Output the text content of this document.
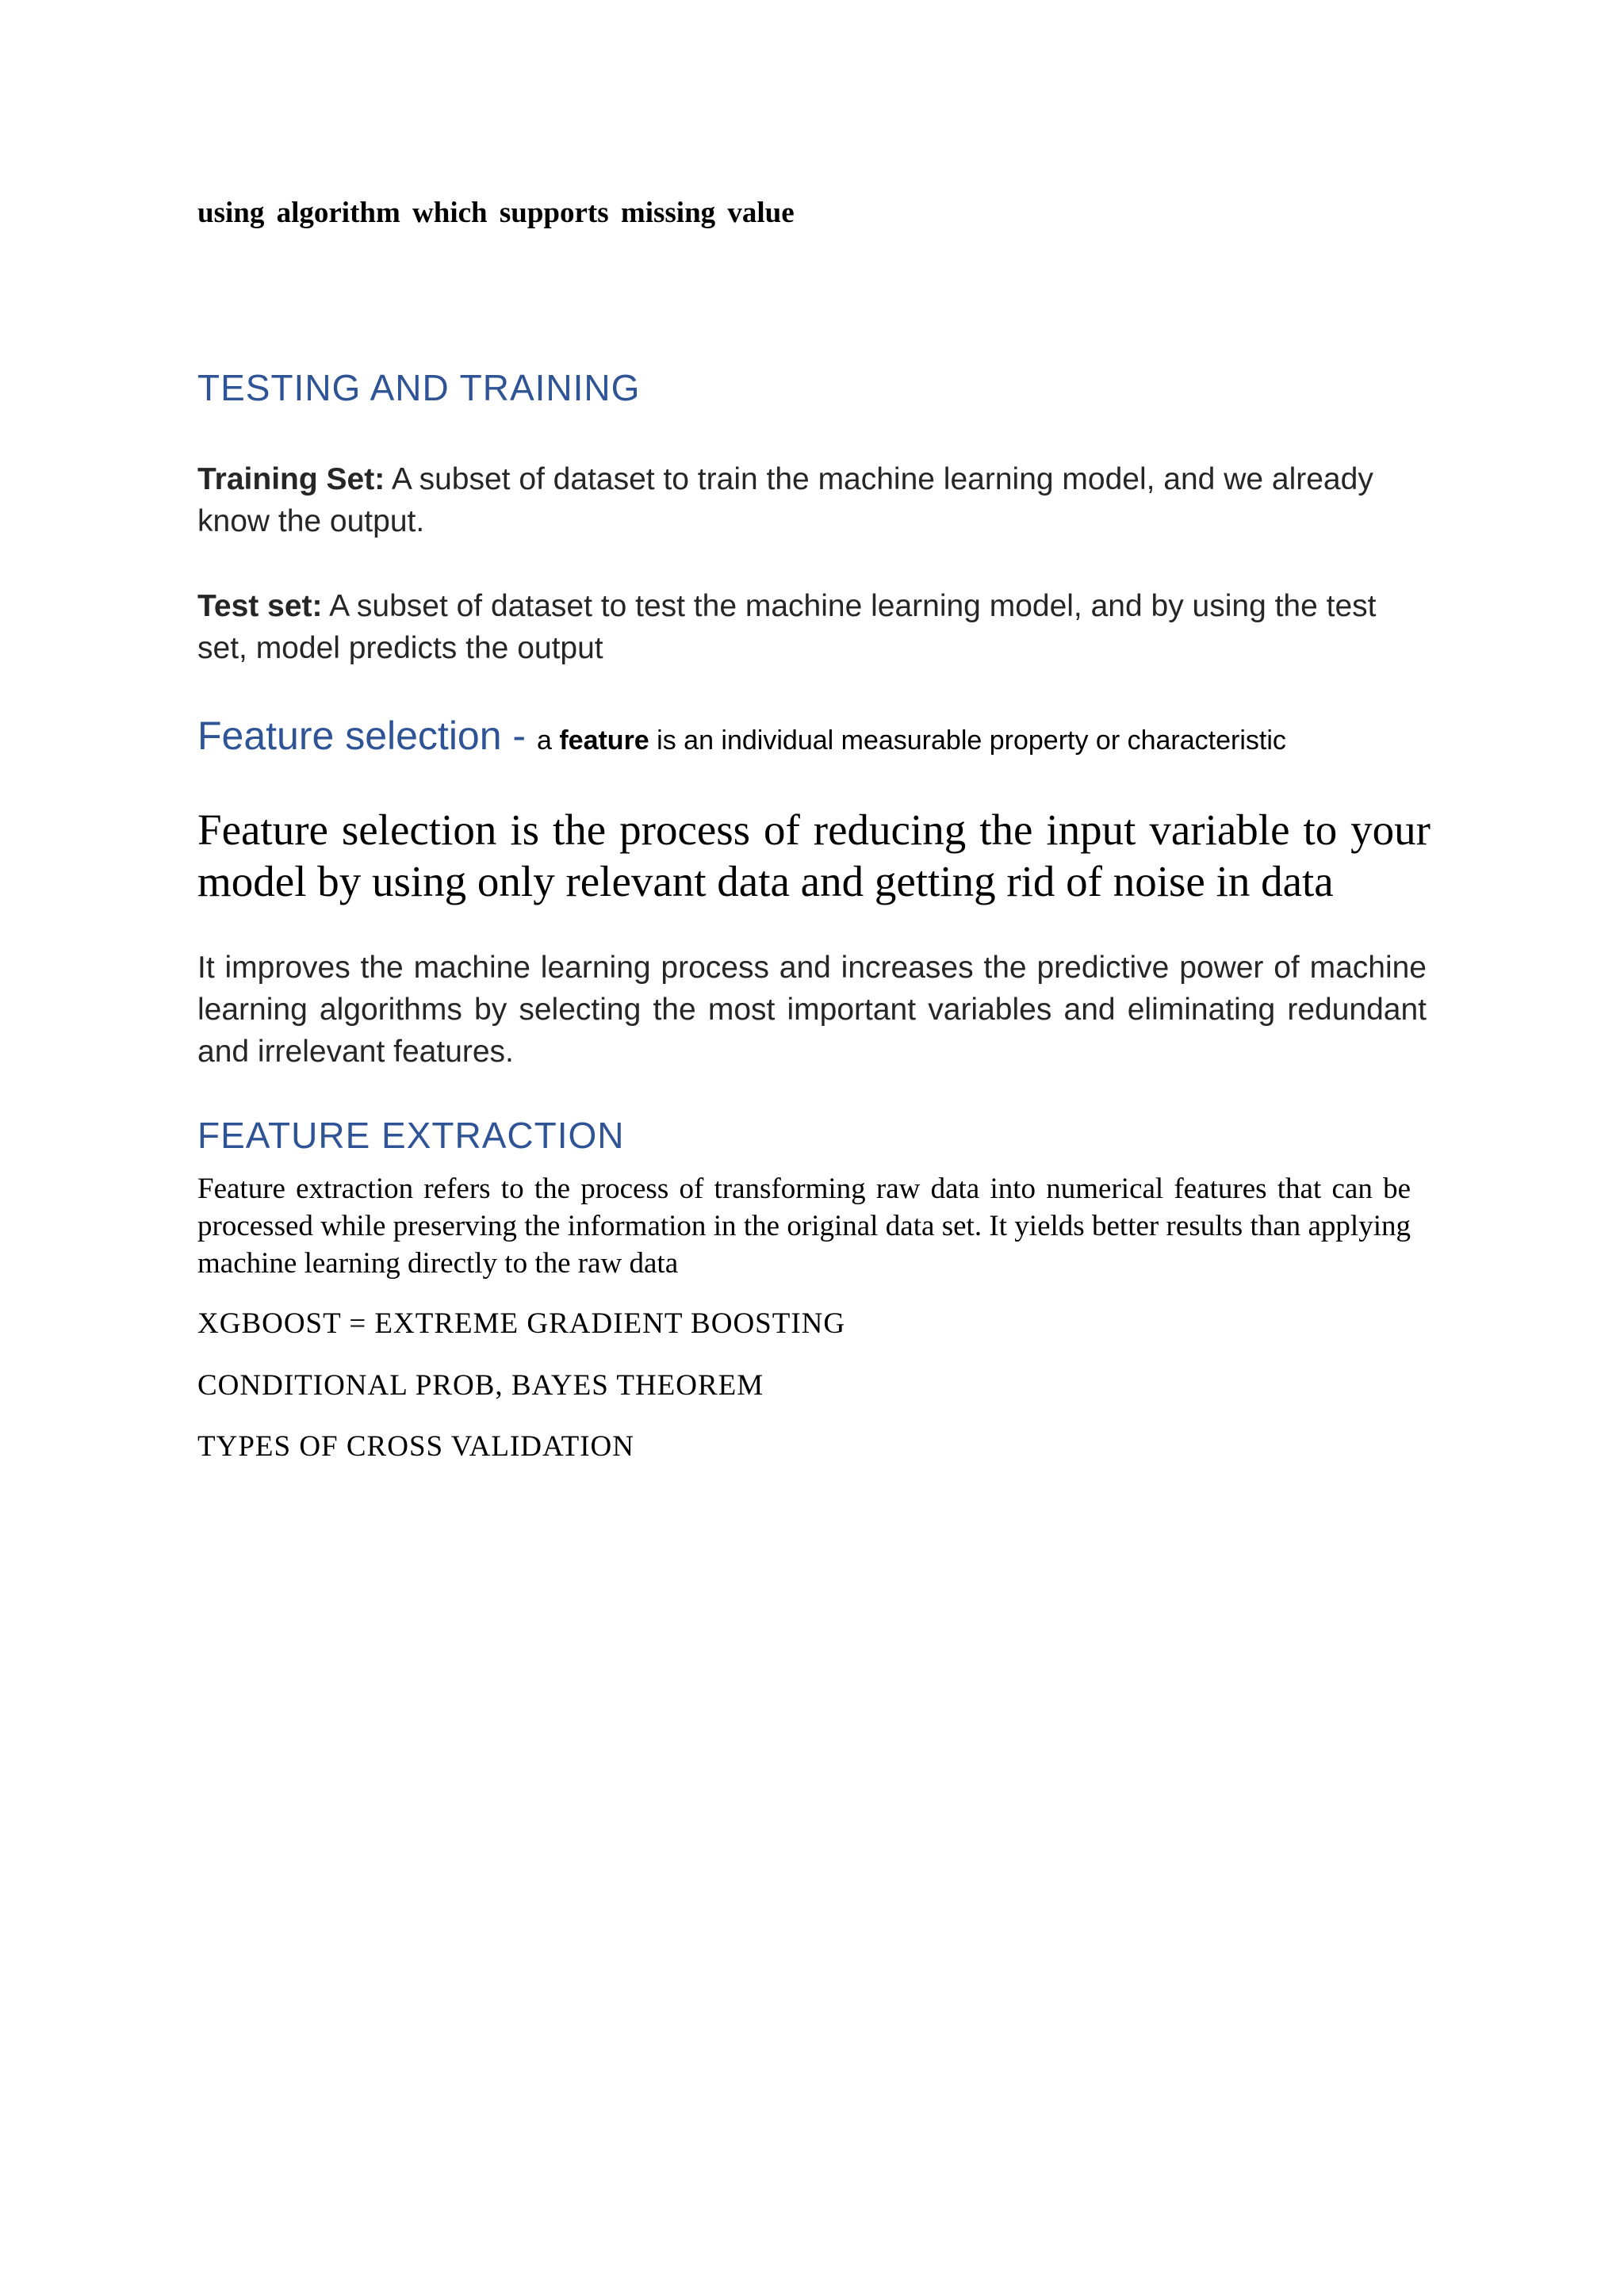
using algorithm which supports missing value

TESTING AND TRAINING

Training Set: A subset of dataset to train the machine learning model, and we already know the output.

Test set: A subset of dataset to test the machine learning model, and by using the test set, model predicts the output

Feature selection - a feature is an individual measurable property or characteristic

Feature selection is the process of reducing the input variable to your model by using only relevant data and getting rid of noise in data

It improves the machine learning process and increases the predictive power of machine learning algorithms by selecting the most important variables and eliminating redundant and irrelevant features.

FEATURE EXTRACTION

Feature extraction refers to the process of transforming raw data into numerical features that can be processed while preserving the information in the original data set. It yields better results than applying machine learning directly to the raw data

XGBOOST = EXTREME GRADIENT BOOSTING

CONDITIONAL PROB, BAYES THEOREM

TYPES OF CROSS VALIDATION
